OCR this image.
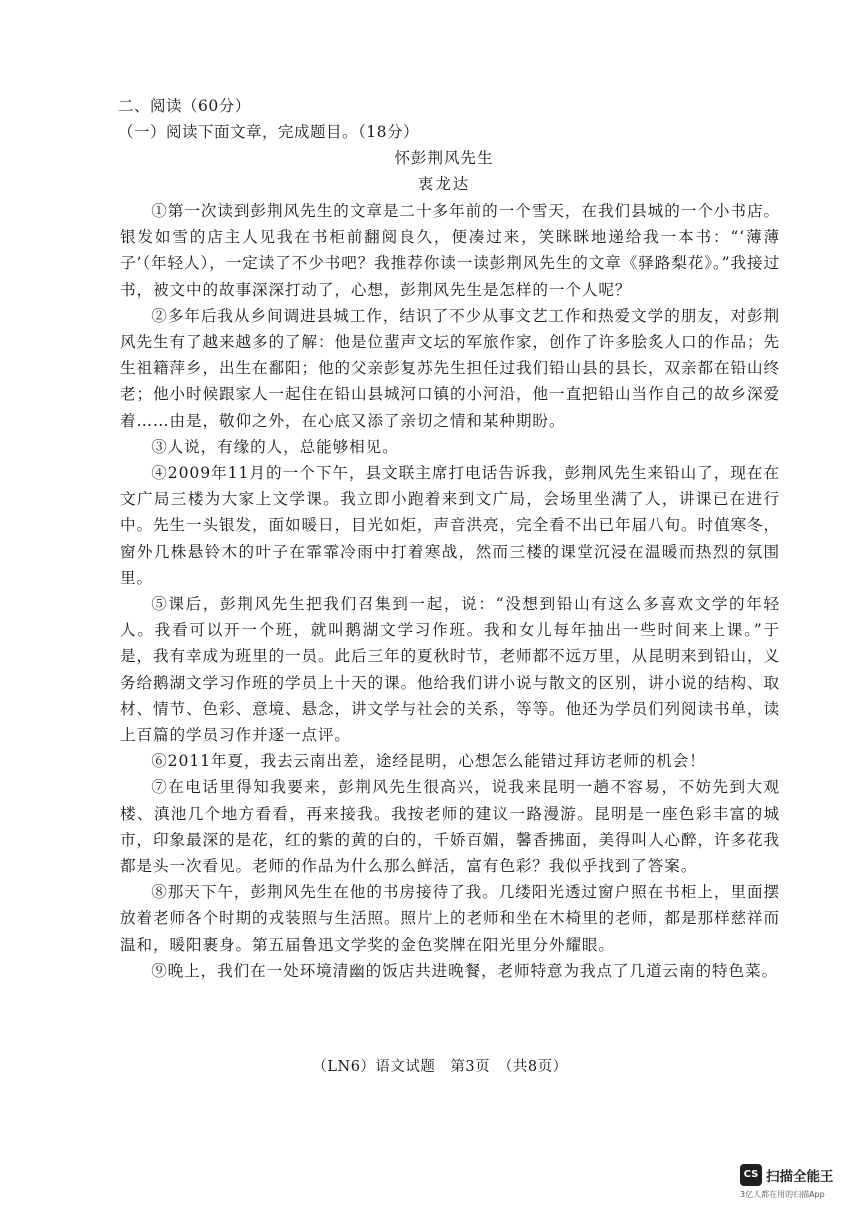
二、阅读（60分）
（一）阅读下面文章，完成题目。（18分）
怀彭荆风先生
衷龙达

①第一次读到彭荆风先生的文章是二十多年前的一个雪天，在我们县城的一个小书店。银发如雪的店主人见我在书柜前翻阅良久，便凑过来，笑眯眯地递给我一本书：“‘薄薄子’（年轻人），一定读了不少书吧？我推荐你读一读彭荆风先生的文章《驿路梨花》。”我接过书，被文中的故事深深打动了，心想，彭荆风先生是怎样的一个人呢？

②多年后我从乡间调进县城工作，结识了不少从事文艺工作和热爱文学的朋友，对彭荆风先生有了越来越多的了解：他是位蜚声文坛的军旅作家，创作了许多脍炙人口的作品；先生祖籍萍乡，出生在鄱阳；他的父亲彭复苏先生担任过我们铅山县的县长，双亲都在铅山终老；他小时候跟家人一起住在铅山县城河口镇的小河沿，他一直把铅山当作自己的故乡深爱着……由是，敬仰之外，在心底又添了亲切之情和某种期盼。

③人说，有缘的人，总能够相见。

④2009年11月的一个下午，县文联主席打电话告诉我，彭荆风先生来铅山了，现在在文广局三楼为大家上文学课。我立即小跑着来到文广局，会场里坐满了人，讲课已在进行中。先生一头银发，面如暖日，目光如炬，声音洪亮，完全看不出已年届八旬。时值寒冬，窗外几株悬铃木的叶子在霏霏冷雨中打着寒战，然而三楼的课堂沉浸在温暖而热烈的氛围里。

⑤课后，彭荆风先生把我们召集到一起，说：“没想到铅山有这么多喜欢文学的年轻人。我看可以开一个班，就叫鹅湖文学习作班。我和女儿每年抽出一些时间来上课。”于是，我有幸成为班里的一员。此后三年的夏秋时节，老师都不远万里，从昆明来到铅山，义务给鹅湖文学习作班的学员上十天的课。他给我们讲小说与散文的区别，讲小说的结构、取材、情节、色彩、意境、悬念，讲文学与社会的关系，等等。他还为学员们列阅读书单，读上百篇的学员习作并逐一点评。

⑥2011年夏，我去云南出差，途经昆明，心想怎么能错过拜访老师的机会！

⑦在电话里得知我要来，彭荆风先生很高兴，说我来昆明一趟不容易，不妨先到大观楼、滇池几个地方看看，再来接我。我按老师的建议一路漫游。昆明是一座色彩丰富的城市，印象最深的是花，红的紫的黄的白的，千娇百媚，馨香拂面，美得叫人心醉，许多花我都是头一次看见。老师的作品为什么那么鲜活，富有色彩？我似乎找到了答案。

⑧那天下午，彭荆风先生在他的书房接待了我。几缕阳光透过窗户照在书柜上，里面摆放着老师各个时期的戎装照与生活照。照片上的老师和坐在木椅里的老师，都是那样慈祥而温和，暖阳裹身。第五届鲁迅文学奖的金色奖牌在阳光里分外耀眼。

⑨晚上，我们在一处环境清幽的饭店共进晚餐，老师特意为我点了几道云南的特色菜。

（LN6）语文试题　第3页　（共8页）
CS 扫描全能王
3亿人都在用的扫描App
